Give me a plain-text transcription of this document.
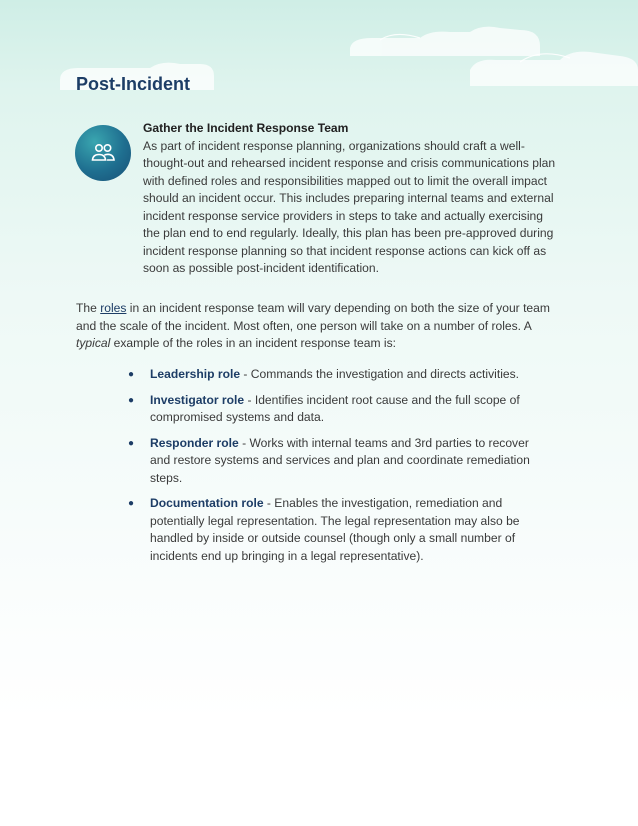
Post-Incident
Gather the Incident Response Team

As part of incident response planning, organizations should craft a well-thought-out and rehearsed incident response and crisis communications plan with defined roles and responsibilities mapped out to limit the overall impact should an incident occur. This includes preparing internal teams and external incident response service providers in steps to take and actually exercising the plan end to end regularly. Ideally, this plan has been pre-approved during incident response planning so that incident response actions can kick off as soon as possible post-incident identification.

The roles in an incident response team will vary depending on both the size of your team and the scale of the incident. Most often, one person will take on a number of roles. A typical example of the roles in an incident response team is:

● Leadership role - Commands the investigation and directs activities.
● Investigator role - Identifies incident root cause and the full scope of compromised systems and data.
● Responder role - Works with internal teams and 3rd parties to recover and restore systems and services and plan and coordinate remediation steps.
● Documentation role - Enables the investigation, remediation and potentially legal representation. The legal representation may also be handled by inside or outside counsel (though only a small number of incidents end up bringing in a legal representative).
